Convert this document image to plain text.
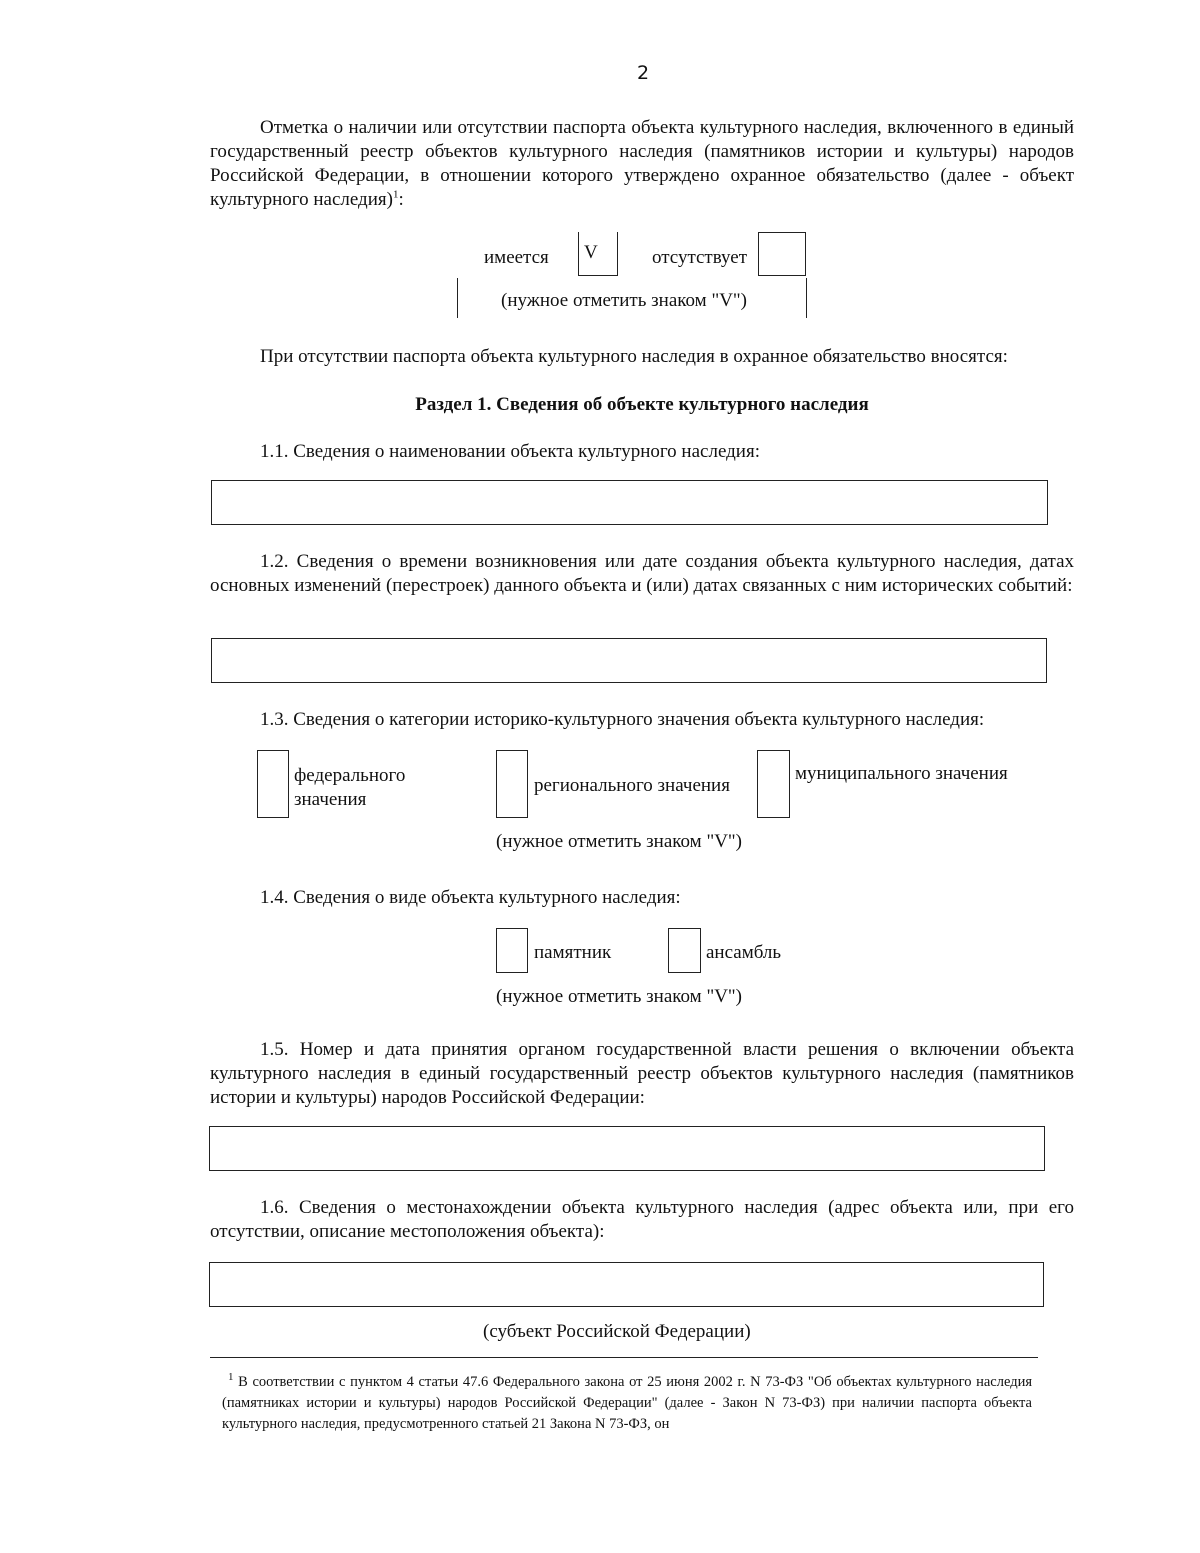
2
Отметка о наличии или отсутствии паспорта объекта культурного наследия, включенного в единый государственный реестр объектов культурного наследия (памятников истории и культуры) народов Российской Федерации, в отношении которого утверждено охранное обязательство (далее - объект культурного наследия)$^1$:
имеется V	отсутствует
(нужное отметить знаком "V")
При отсутствии паспорта объекта культурного наследия в охранное обязательство вносятся:
Раздел 1. Сведения об объекте культурного наследия
1.1. Сведения о наименовании объекта культурного наследия:
1.2. Сведения о времени возникновения или дате создания объекта культурного наследия, датах основных изменений (перестроек) данного объекта и (или) датах связанных с ним исторических событий:
1.3. Сведения о категории историко-культурного значения объекта культурного наследия:
федерального значения
регионального значения
муниципального значения
(нужное отметить знаком "V")
1.4. Сведения о виде объекта культурного наследия:
памятник	ансамбль
(нужное отметить знаком "V")
1.5. Номер и дата принятия органом государственной власти решения о включении объекта культурного наследия в единый государственный реестр объектов культурного наследия (памятников истории и культуры) народов Российской Федерации:
1.6. Сведения о местонахождении объекта культурного наследия (адрес объекта или, при его отсутствии, описание местоположения объекта):
(субъект Российской Федерации)
$^1$ В соответствии с пунктом 4 статьи 47.6 Федерального закона от 25 июня 2002 г. N 73-ФЗ "Об объектах культурного наследия (памятниках истории и культуры) народов Российской Федерации" (далее - Закон N 73-ФЗ) при наличии паспорта объекта культурного наследия, предусмотренного статьей 21 Закона N 73-ФЗ, он
